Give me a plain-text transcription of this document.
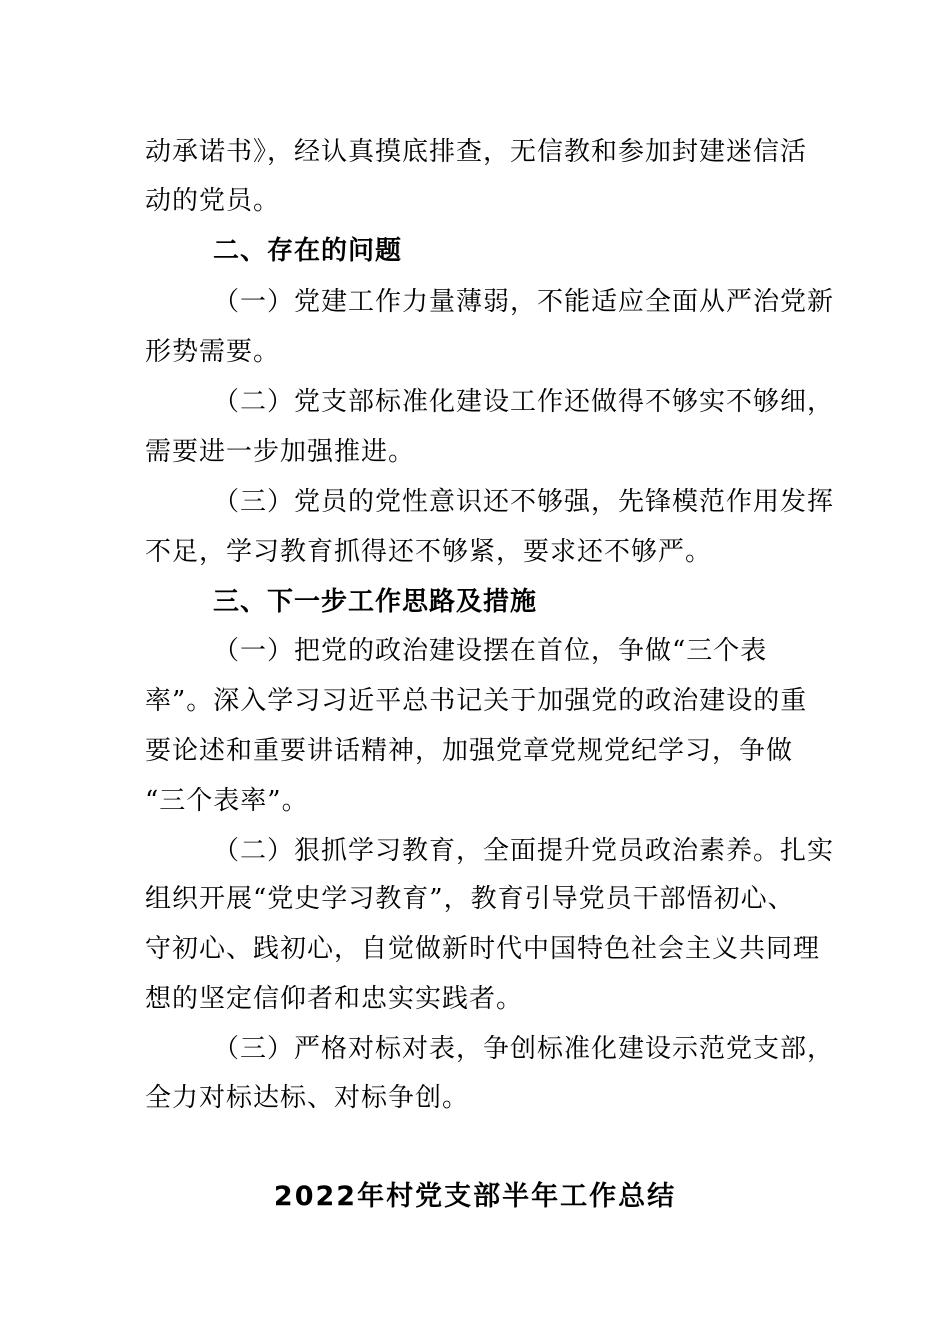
动承诺书》，经认真摸底排查，无信教和参加封建迷信活
动的党员。
二、存在的问题
（一）党建工作力量薄弱，不能适应全面从严治党新
形势需要。
（二）党支部标准化建设工作还做得不够实不够细，
需要进一步加强推进。
（三）党员的党性意识还不够强，先锋模范作用发挥
不足，学习教育抓得还不够紧，要求还不够严。
三、下一步工作思路及措施
（一）把党的政治建设摆在首位，争做“三个表
率”。深入学习习近平总书记关于加强党的政治建设的重
要论述和重要讲话精神，加强党章党规党纪学习，争做
“三个表率”。
（二）狠抓学习教育，全面提升党员政治素养。扎实
组织开展“党史学习教育”，教育引导党员干部悟初心、
守初心、践初心，自觉做新时代中国特色社会主义共同理
想的坚定信仰者和忠实实践者。
（三）严格对标对表，争创标准化建设示范党支部，
全力对标达标、对标争创。
2022年村党支部半年工作总结
